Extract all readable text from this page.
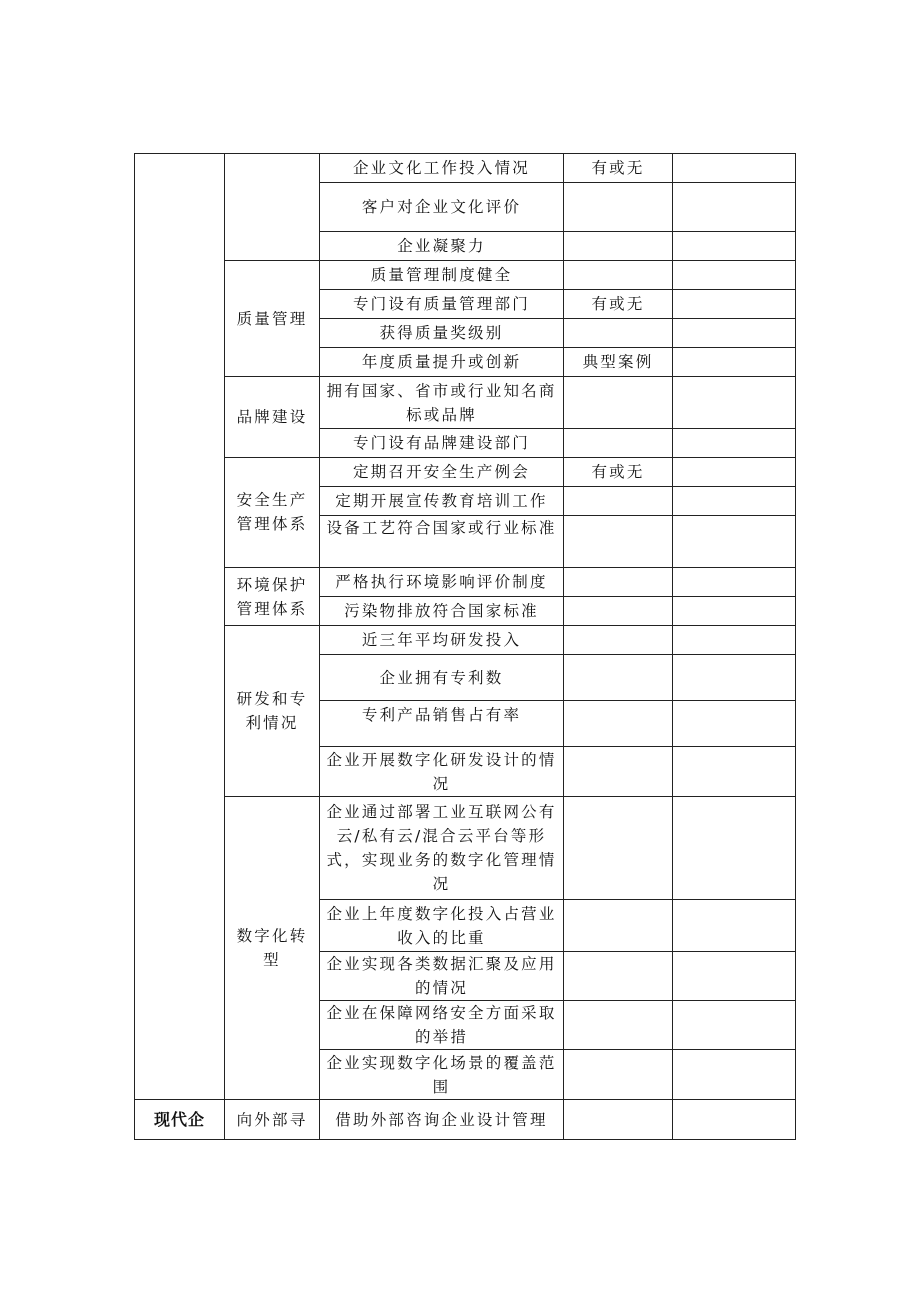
		企业文化工作投入情况	有或无	
		客户对企业文化评价		
		企业凝聚力		
	质量管理	质量管理制度健全		
		专门设有质量管理部门	有或无	
		获得质量奖级别		
		年度质量提升或创新	典型案例	
	品牌建设	拥有国家、省市或行业知名商标或品牌		
		专门设有品牌建设部门		
	安全生产管理体系	定期召开安全生产例会	有或无	
		定期开展宣传教育培训工作		
		设备工艺符合国家或行业标准		
	环境保护管理体系	严格执行环境影响评价制度		
		污染物排放符合国家标准		
	研发和专利情况	近三年平均研发投入		
		企业拥有专利数		
		专利产品销售占有率		
		企业开展数字化研发设计的情况		
	数字化转型	企业通过部署工业互联网公有云/私有云/混合云平台等形式，实现业务的数字化管理情况		
		企业上年度数字化投入占营业收入的比重		
		企业实现各类数据汇聚及应用的情况		
		企业在保障网络安全方面采取的举措		
		企业实现数字化场景的覆盖范围		
现代企	向外部寻	借助外部咨询企业设计管理		
